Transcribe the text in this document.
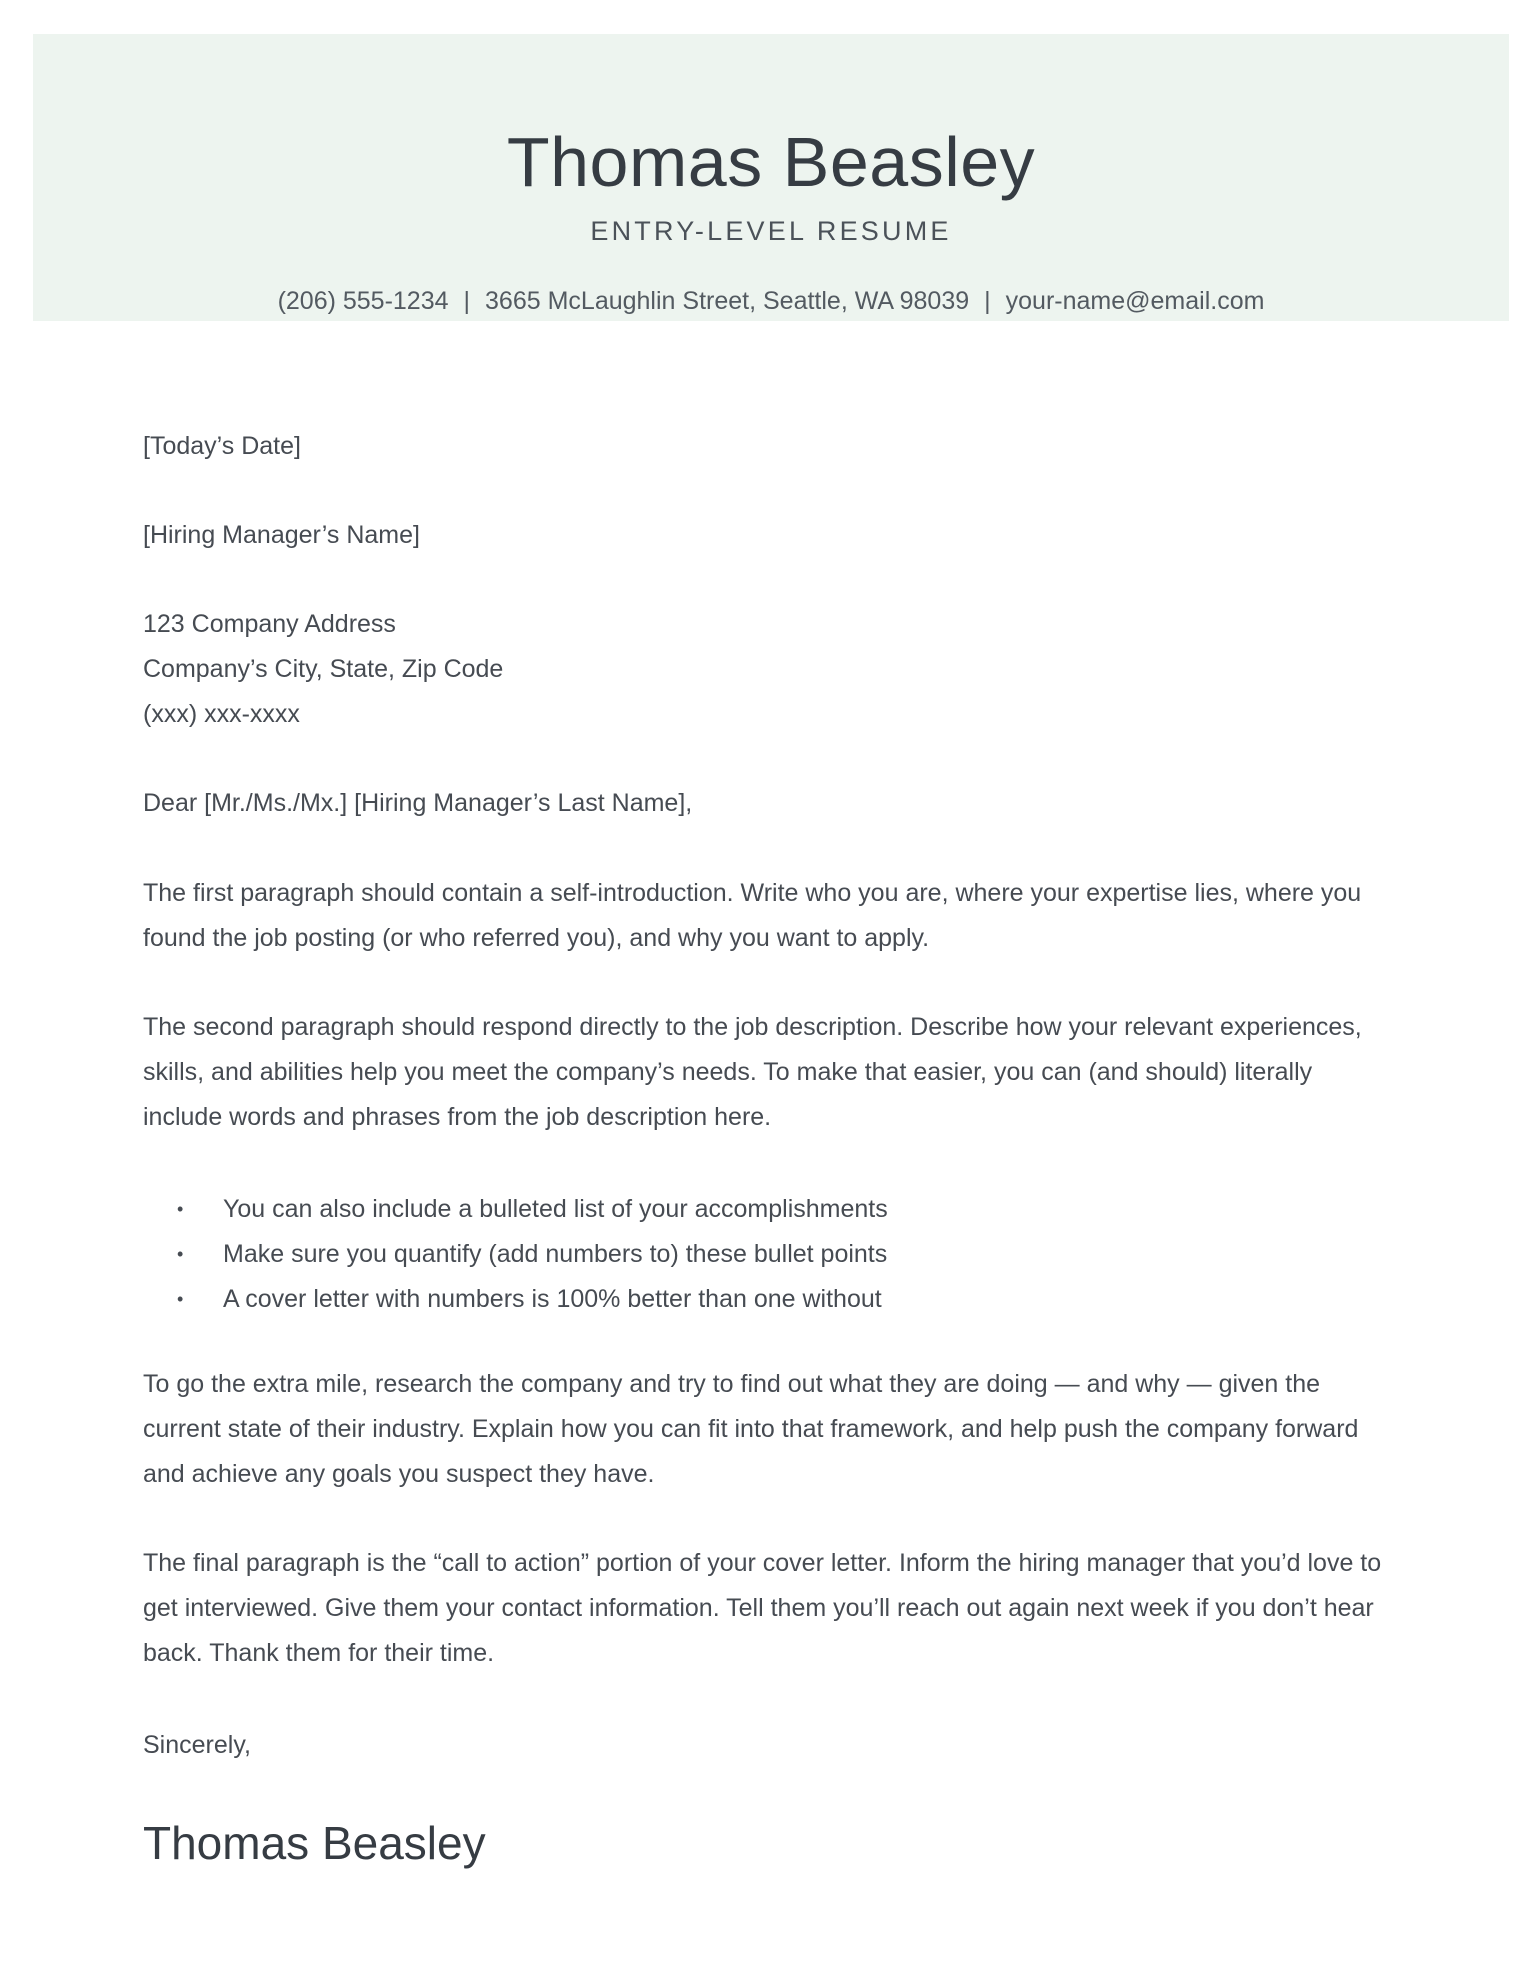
Thomas Beasley
ENTRY-LEVEL RESUME
(206) 555-1234 | 3665 McLaughlin Street, Seattle, WA 98039 | your-name@email.com
[Today’s Date]
[Hiring Manager’s Name]
123 Company Address
Company’s City, State, Zip Code
(xxx) xxx-xxxx
Dear [Mr./Ms./Mx.] [Hiring Manager’s Last Name],
The first paragraph should contain a self-introduction. Write who you are, where your expertise lies, where you found the job posting (or who referred you), and why you want to apply.
The second paragraph should respond directly to the job description. Describe how your relevant experiences, skills, and abilities help you meet the company’s needs. To make that easier, you can (and should) literally include words and phrases from the job description here.
• You can also include a bulleted list of your accomplishments
• Make sure you quantify (add numbers to) these bullet points
• A cover letter with numbers is 100% better than one without
To go the extra mile, research the company and try to find out what they are doing — and why — given the current state of their industry. Explain how you can fit into that framework, and help push the company forward and achieve any goals you suspect they have.
The final paragraph is the “call to action” portion of your cover letter. Inform the hiring manager that you’d love to get interviewed. Give them your contact information. Tell them you’ll reach out again next week if you don’t hear back. Thank them for their time.
Sincerely,
Thomas Beasley
